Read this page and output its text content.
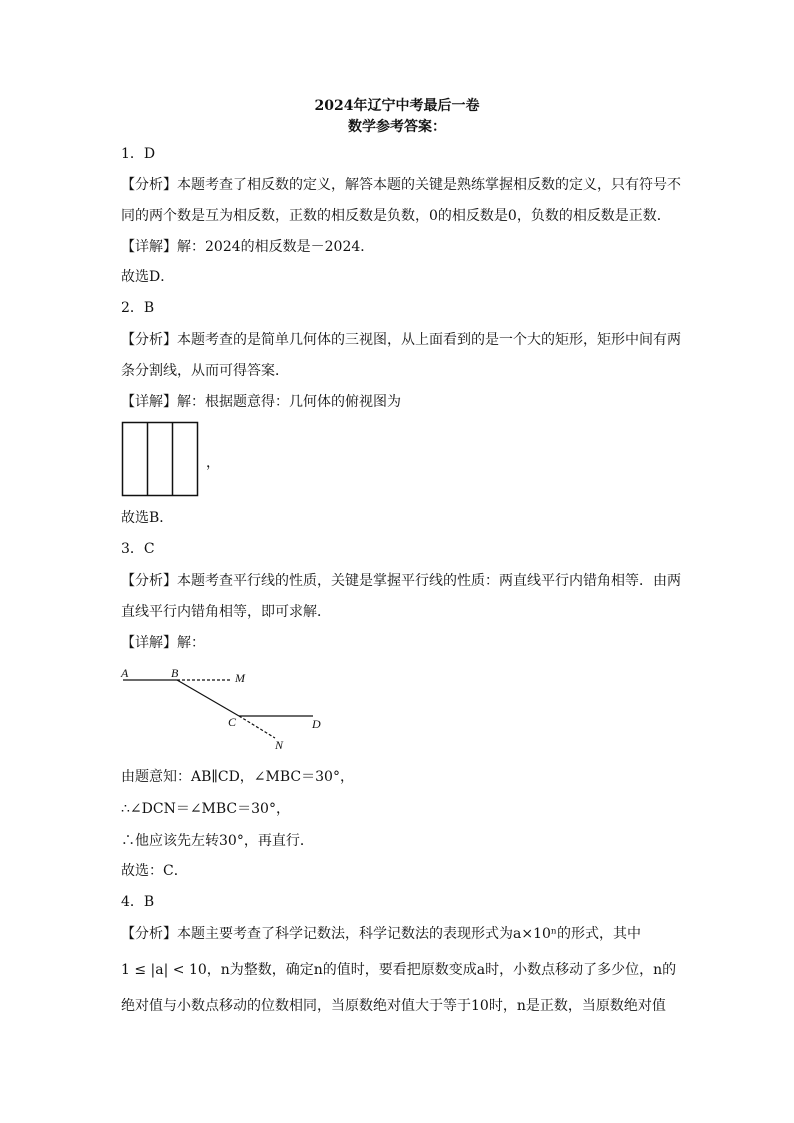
2024年辽宁中考最后一卷
数学参考答案：
1．D
【分析】本题考查了相反数的定义，解答本题的关键是熟练掌握相反数的定义，只有符号不
同的两个数是互为相反数，正数的相反数是负数，0的相反数是0，负数的相反数是正数．
【详解】解：2024的相反数是－2024．
故选D．
2．B
【分析】本题考查的是简单几何体的三视图，从上面看到的是一个大的矩形，矩形中间有两
条分割线，从而可得答案．
【详解】解：根据题意得：几何体的俯视图为
，
故选B．
3．C
【分析】本题考查平行线的性质，关键是掌握平行线的性质：两直线平行内错角相等．由两
直线平行内错角相等，即可求解．
【详解】解：
A	B	M
C	D
N
由题意知：AB∥CD，∠MBC＝30°，
∴∠DCN＝∠MBC＝30°，
∴他应该先左转30°，再直行．
故选：C．
4．B
【分析】本题主要考查了科学记数法，科学记数法的表现形式为a×10ⁿ的形式，其中
1 ≤ |a| < 10，n为整数，确定n的值时，要看把原数变成a时，小数点移动了多少位，n的
绝对值与小数点移动的位数相同，当原数绝对值大于等于10时，n是正数，当原数绝对值
